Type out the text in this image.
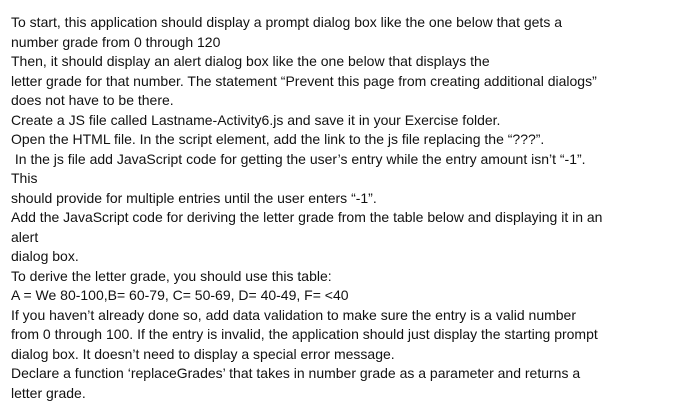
To start, this application should display a prompt dialog box like the one below that gets a
number grade from 0 through 120
Then, it should display an alert dialog box like the one below that displays the
letter grade for that number. The statement “Prevent this page from creating additional dialogs”
does not have to be there.
Create a JS file called Lastname-Activity6.js and save it in your Exercise folder.
Open the HTML file. In the script element, add the link to the js file replacing the “???”.
In the js file add JavaScript code for getting the user’s entry while the entry amount isn’t “-1”.
This
should provide for multiple entries until the user enters “-1”.
Add the JavaScript code for deriving the letter grade from the table below and displaying it in an
alert
dialog box.
To derive the letter grade, you should use this table:
A = We 80-100,B= 60-79, C= 50-69, D= 40-49, F= <40
If you haven’t already done so, add data validation to make sure the entry is a valid number
from 0 through 100. If the entry is invalid, the application should just display the starting prompt
dialog box. It doesn’t need to display a special error message.
Declare a function ‘replaceGrades’ that takes in number grade as a parameter and returns a
letter grade.
